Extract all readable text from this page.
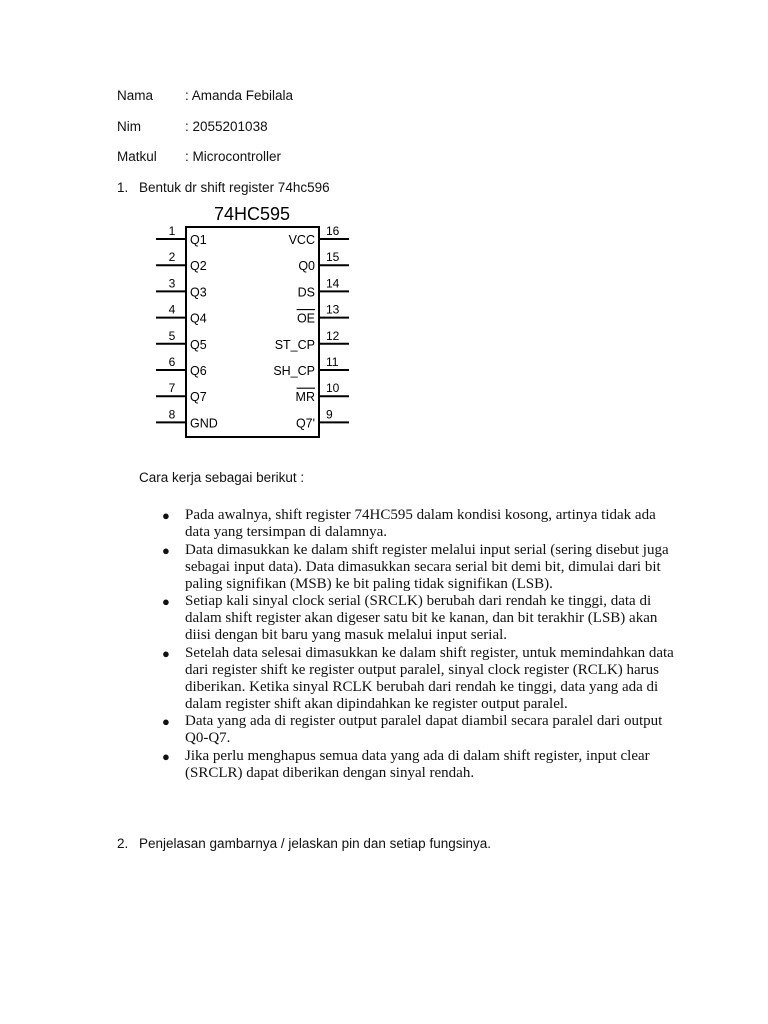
Nama : Amanda Febilala
Nim	: 2055201038
Matkul : Microcontroller
1. Bentuk dr shift register 74hc596
74HC595
1
Q1
2
Q2
3
Q3
4
Q4
5
Q5
6
Q6
7
Q7
8
GND
16
VCC
15
Q0
14
DS
13
OE
12
ST_CP
11
SH_CP
10
MR
9
Q7'
Cara kerja sebagai berikut :
● Pada awalnya, shift register 74HC595 dalam kondisi kosong, artinya tidak ada data yang tersimpan di dalamnya.
● Data dimasukkan ke dalam shift register melalui input serial (sering disebut juga sebagai input data). Data dimasukkan secara serial bit demi bit, dimulai dari bit paling signifikan (MSB) ke bit paling tidak signifikan (LSB).
● Setiap kali sinyal clock serial (SRCLK) berubah dari rendah ke tinggi, data di dalam shift register akan digeser satu bit ke kanan, dan bit terakhir (LSB) akan diisi dengan bit baru yang masuk melalui input serial.
● Setelah data selesai dimasukkan ke dalam shift register, untuk memindahkan data dari register shift ke register output paralel, sinyal clock register (RCLK) harus diberikan. Ketika sinyal RCLK berubah dari rendah ke tinggi, data yang ada di dalam register shift akan dipindahkan ke register output paralel.
● Data yang ada di register output paralel dapat diambil secara paralel dari output Q0-Q7.
● Jika perlu menghapus semua data yang ada di dalam shift register, input clear (SRCLR) dapat diberikan dengan sinyal rendah.
2. Penjelasan gambarnya / jelaskan pin dan setiap fungsinya.
